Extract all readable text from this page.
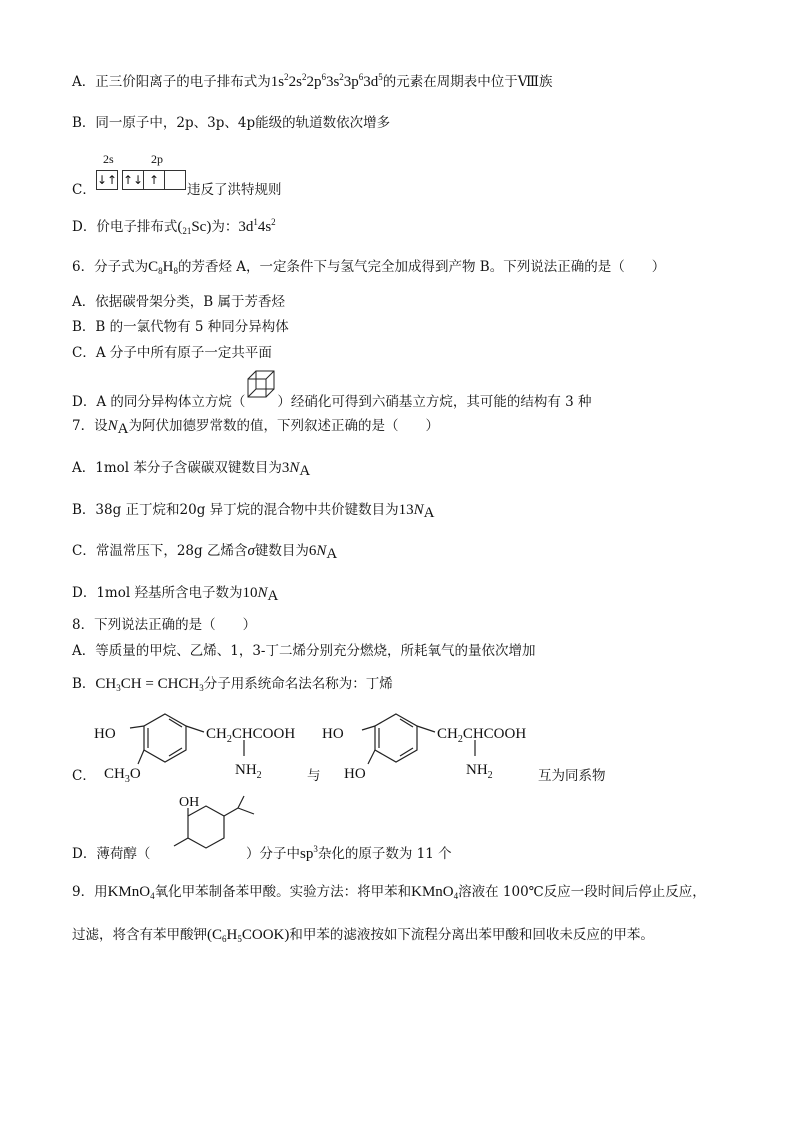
A．正三价阳离子的电子排布式为$1s^22s^22p^63s^23p^63d^5$的元素在周期表中位于Ⅷ族
B．同一原子中，2p、3p、4p能级的轨道数依次增多
C．
2s	2p
↓↑ ↑↓ ↑
违反了洪特规则
D．价电子排布式$(_{21}Sc)$为：$3d^14s^2$
6．分子式为$C_8H_8$的芳香烃 A，一定条件下与氢气完全加成得到产物 B。下列说法正确的是（　　）
A．依据碳骨架分类，B 属于芳香烃
B．B 的一氯代物有 5 种同分异构体
C．A 分子中所有原子一定共平面
D．A 的同分异构体立方烷（ ）经硝化可得到六硝基立方烷，其可能的结构有 3 种
7．设$N_A$为阿伏加德罗常数的值，下列叙述正确的是（　　）
A．1mol 苯分子含碳碳双键数目为$3N_A$
B．38g 正丁烷和20g 异丁烷的混合物中共价键数目为$13N_A$
C．常温常压下，28g 乙烯含σ键数目为$6N_A$
D．1mol 羟基所含电子数为$10N_A$
8．下列说法正确的是（　　）
A．等质量的甲烷、乙烯、1，3-丁二烯分别充分燃烧，所耗氧气的量依次增加
B．$CH_3CH$ = $CHCH_3$分子用系统命名法名称为：丁烯
C．
HO
$CH_3O$
$CH_2CHCOOH$
$NH_2$	与
HO
HO
$CH_2CHCOOH$
$NH_2$	互为同系物
D．薄荷醇（
OH
）分子中$sp^3$杂化的原子数为 11 个
9．用KMnO$_4$氧化甲苯制备苯甲酸。实验方法：将甲苯和KMnO$_4$溶液在 100℃反应一段时间后停止反应，
过滤，将含有苯甲酸钾$(C_6H_5COOK)$和甲苯的滤液按如下流程分离出苯甲酸和回收未反应的甲苯。
